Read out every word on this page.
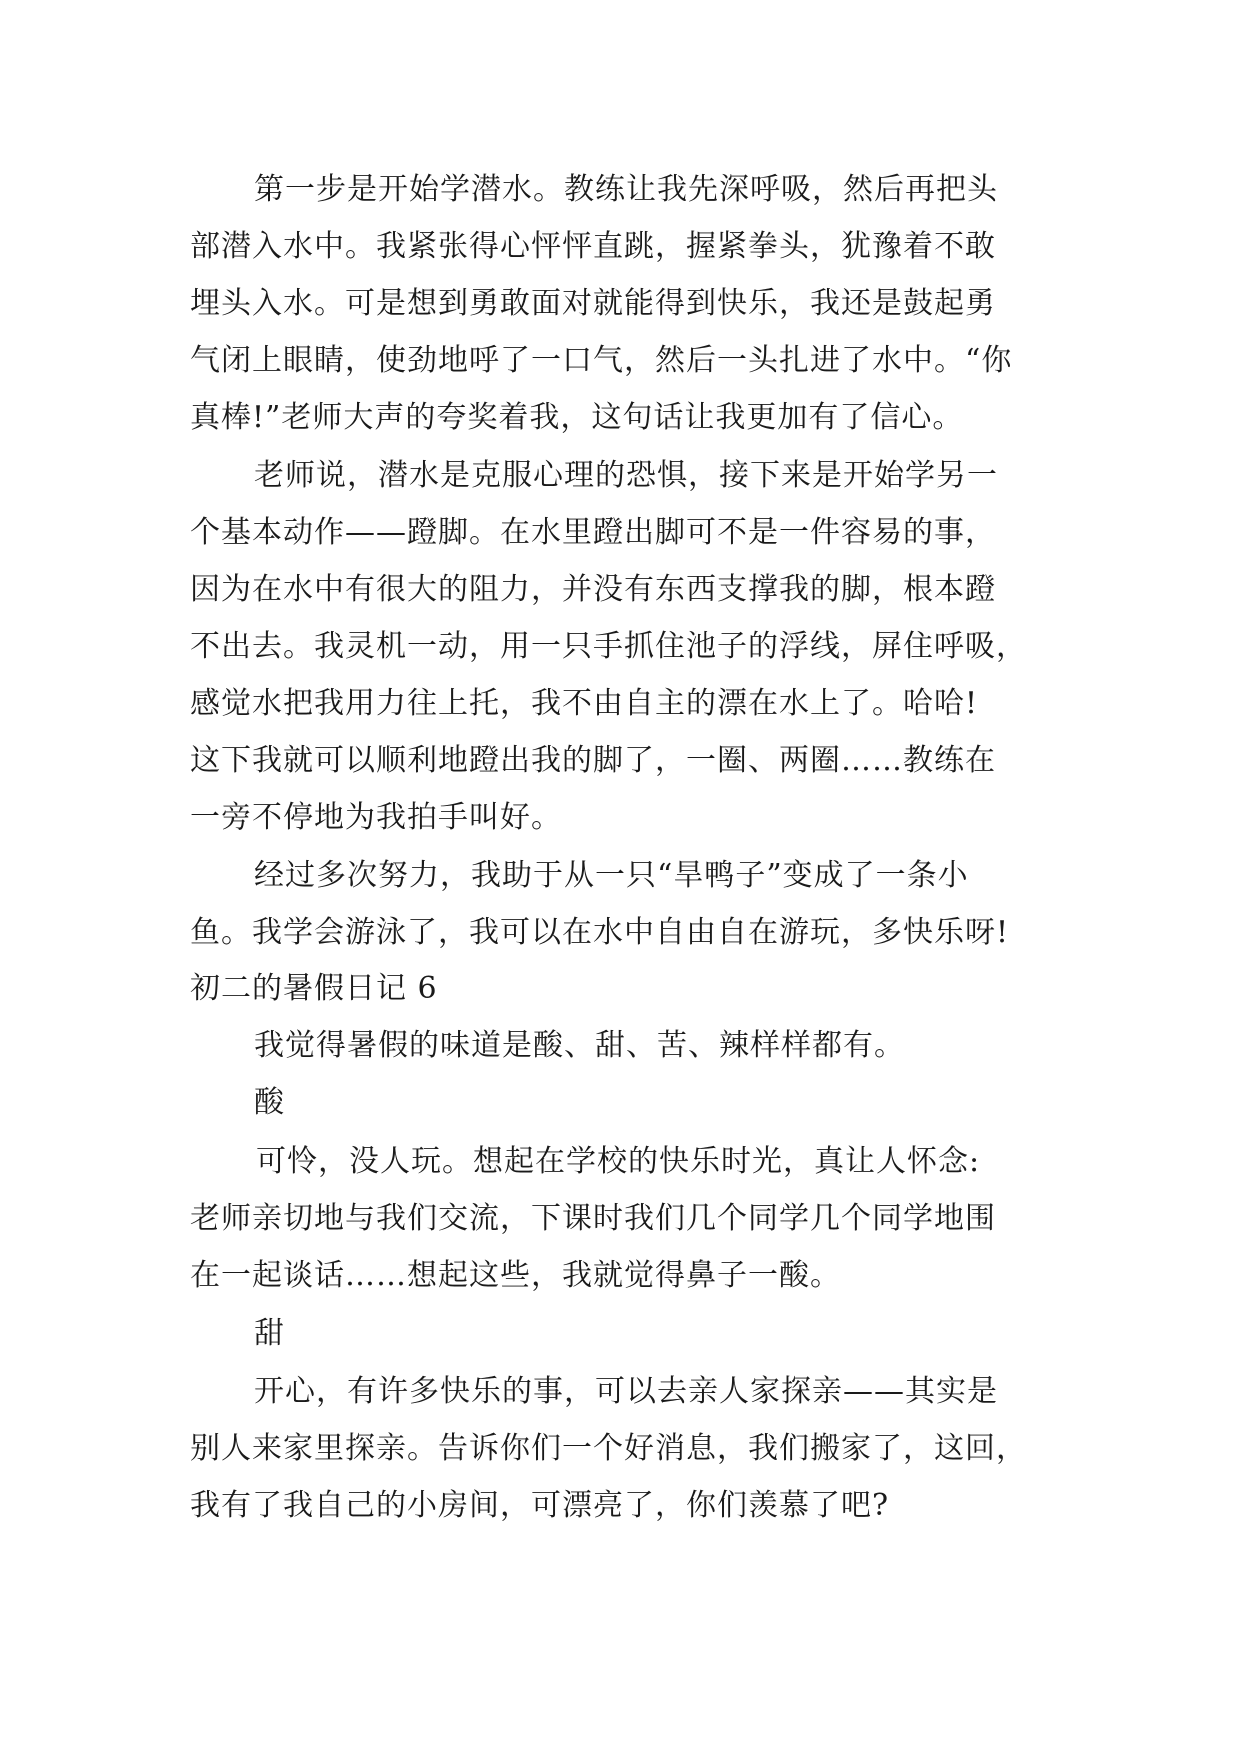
第一步是开始学潜水。教练让我先深呼吸，然后再把头
部潜入水中。我紧张得心怦怦直跳，握紧拳头，犹豫着不敢
埋头入水。可是想到勇敢面对就能得到快乐，我还是鼓起勇
气闭上眼睛，使劲地呼了一口气，然后一头扎进了水中。“你
真棒!”老师大声的夸奖着我，这句话让我更加有了信心。
老师说，潜水是克服心理的恐惧，接下来是开始学另一
个基本动作——蹬脚。在水里蹬出脚可不是一件容易的事，
因为在水中有很大的阻力，并没有东西支撑我的脚，根本蹬
不出去。我灵机一动，用一只手抓住池子的浮线，屏住呼吸，
感觉水把我用力往上托，我不由自主的漂在水上了。哈哈!
这下我就可以顺利地蹬出我的脚了，一圈、两圈……教练在
一旁不停地为我拍手叫好。
经过多次努力，我助于从一只“旱鸭子”变成了一条小
鱼。我学会游泳了，我可以在水中自由自在游玩，多快乐呀!
初二的暑假日记 6
我觉得暑假的味道是酸、甜、苦、辣样样都有。
酸
可怜，没人玩。想起在学校的快乐时光，真让人怀念:
老师亲切地与我们交流，下课时我们几个同学几个同学地围
在一起谈话……想起这些，我就觉得鼻子一酸。
甜
开心，有许多快乐的事，可以去亲人家探亲——其实是
别人来家里探亲。告诉你们一个好消息，我们搬家了，这回，
我有了我自己的小房间，可漂亮了，你们羡慕了吧?
